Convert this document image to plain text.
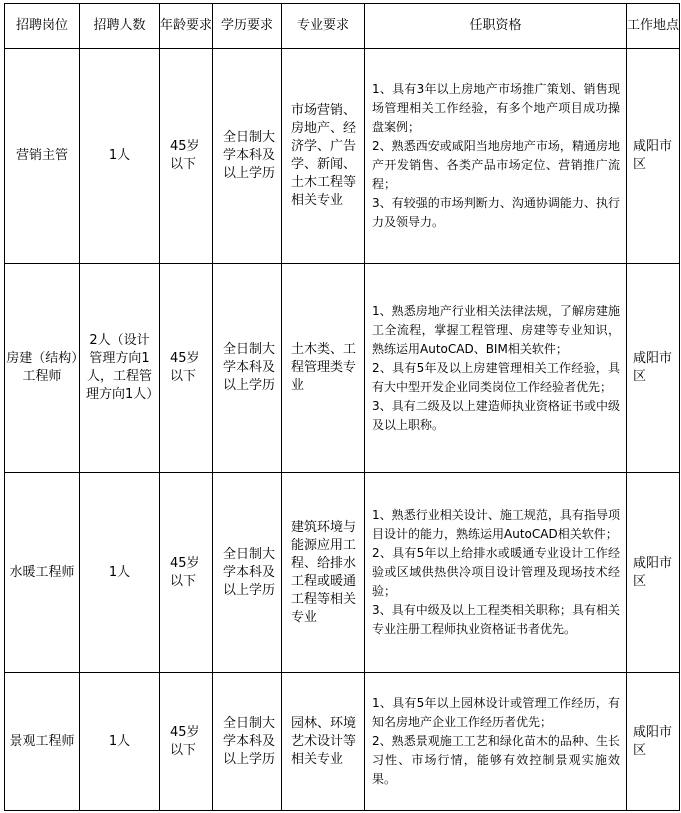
招聘岗位	招聘人数	年龄要求	学历要求	专业要求	任职资格	工作地点
营销主管	1人	45岁以下	全日制大学本科及以上学历	市场营销、房地产、经济学、广告学、新闻、土木工程等相关专业	1、具有3年以上房地产市场推广策划、销售现场管理相关工作经验，有多个地产项目成功操盘案例；
2、熟悉西安或咸阳当地房地产市场，精通房地产开发销售、各类产品市场定位、营销推广流程；
3、有较强的市场判断力、沟通协调能力、执行力及领导力。	咸阳市区
房建（结构）工程师	2人（设计管理方向1人，工程管理方向1人）	45岁以下	全日制大学本科及以上学历	土木类、工程管理类专业	1、熟悉房地产行业相关法律法规，了解房建施工全流程，掌握工程管理、房建等专业知识，熟练运用AutoCAD、BIM相关软件；
2、具有5年及以上房建管理相关工作经验，具有大中型开发企业同类岗位工作经验者优先；
3、具有二级及以上建造师执业资格证书或中级及以上职称。	咸阳市区
水暖工程师	1人	45岁以下	全日制大学本科及以上学历	建筑环境与能源应用工程、给排水工程或暖通工程等相关专业	1、熟悉行业相关设计、施工规范，具有指导项目设计的能力，熟练运用AutoCAD相关软件；
2、具有5年以上给排水或暖通专业设计工作经验或区域供热供冷项目设计管理及现场技术经验；
3、具有中级及以上工程类相关职称；具有相关专业注册工程师执业资格证书者优先。	咸阳市区
景观工程师	1人	45岁以下	全日制大学本科及以上学历	园林、环境艺术设计等相关专业	1、具有5年以上园林设计或管理工作经历，有知名房地产企业工作经历者优先；
2、熟悉景观施工工艺和绿化苗木的品种、生长习性、市场行情，能够有效控制景观实施效果。	咸阳市区
